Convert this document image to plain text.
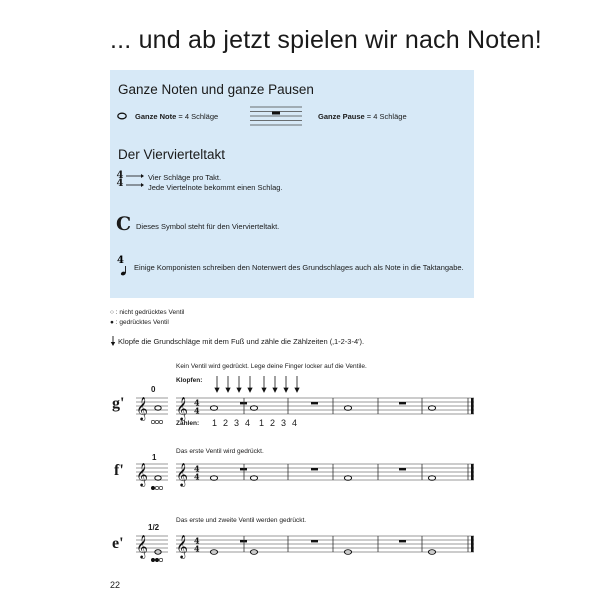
... und ab jetzt spielen wir nach Noten!
Ganze Noten und ganze Pausen
Ganze Note = 4 Schläge	Ganze Pause = 4 Schläge
Der Viervierteltakt
4
4
Vier Schläge pro Takt.
Jede Viertelnote bekommt einen Schlag.
C Dieses Symbol steht für den Viervierteltakt.
4
Einige Komponisten schreiben den Notenwert des Grundschlages auch als Note in die Taktangabe.
○ : nicht gedrücktes Ventil
● : gedrücktes Ventil
Klopfe die Grundschläge mit dem Fuß und zähle die Zählzeiten (‚1-2-3-4').
Kein Ventil wird gedrückt. Lege deine Finger locker auf die Ventile.
Klopfen:
g'
0
𝄞 𝄞 4
4
Zählen: 1 2 3 4 1 2 3 4
Das erste Ventil wird gedrückt.
f'
1
𝄞 𝄞 4
4
Das erste und zweite Ventil werden gedrückt.
e'
1/2
𝄞 𝄞 4
4
22
